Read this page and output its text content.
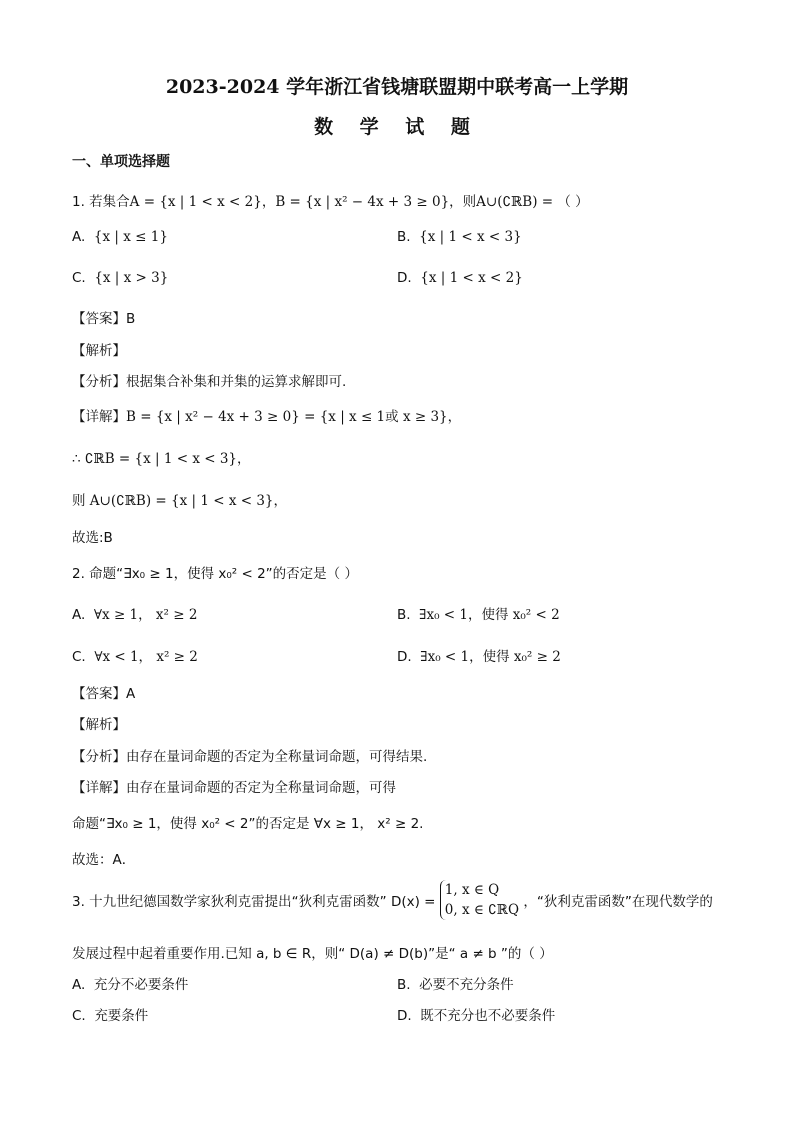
2023-2024 学年浙江省钱塘联盟期中联考高一上学期
数 学 试 题
一、单项选择题
1. 若集合A = {x | 1 < x < 2}，B = {x | x² − 4x + 3 ≥ 0}，则A∪(∁ℝB) = （ ）
A. {x | x ≤ 1}	B. {x | 1 < x < 3}
C. {x | x > 3}	D. {x | 1 < x < 2}
【答案】B
【解析】
【分析】根据集合补集和并集的运算求解即可.
【详解】B = {x | x² − 4x + 3 ≥ 0} = {x | x ≤ 1或 x ≥ 3}，
∴ ∁ℝB = {x | 1 < x < 3}，
则 A∪(∁ℝB) = {x | 1 < x < 3}，
故选:B
2. 命题“∃x₀ ≥ 1，使得 x₀² < 2”的否定是（ ）
A. ∀x ≥ 1， x² ≥ 2	B. ∃x₀ < 1，使得 x₀² < 2
C. ∀x < 1， x² ≥ 2	D. ∃x₀ < 1，使得 x₀² ≥ 2
【答案】A
【解析】
【分析】由存在量词命题的否定为全称量词命题，可得结果.
【详解】由存在量词命题的否定为全称量词命题，可得
命题“∃x₀ ≥ 1，使得 x₀² < 2”的否定是 ∀x ≥ 1， x² ≥ 2.
故选：A．
3. 十九世纪德国数学家狄利克雷提出“狄利克雷函数” D(x) =
1, x ∈ Q
0, x ∈ ∁ℝQ ，“狄利克雷函数”在现代数学的
发展过程中起着重要作用.已知 a, b ∈ R，则“ D(a) ≠ D(b)”是“ a ≠ b ”的（ ）
A. 充分不必要条件	B. 必要不充分条件
C. 充要条件	D. 既不充分也不必要条件
